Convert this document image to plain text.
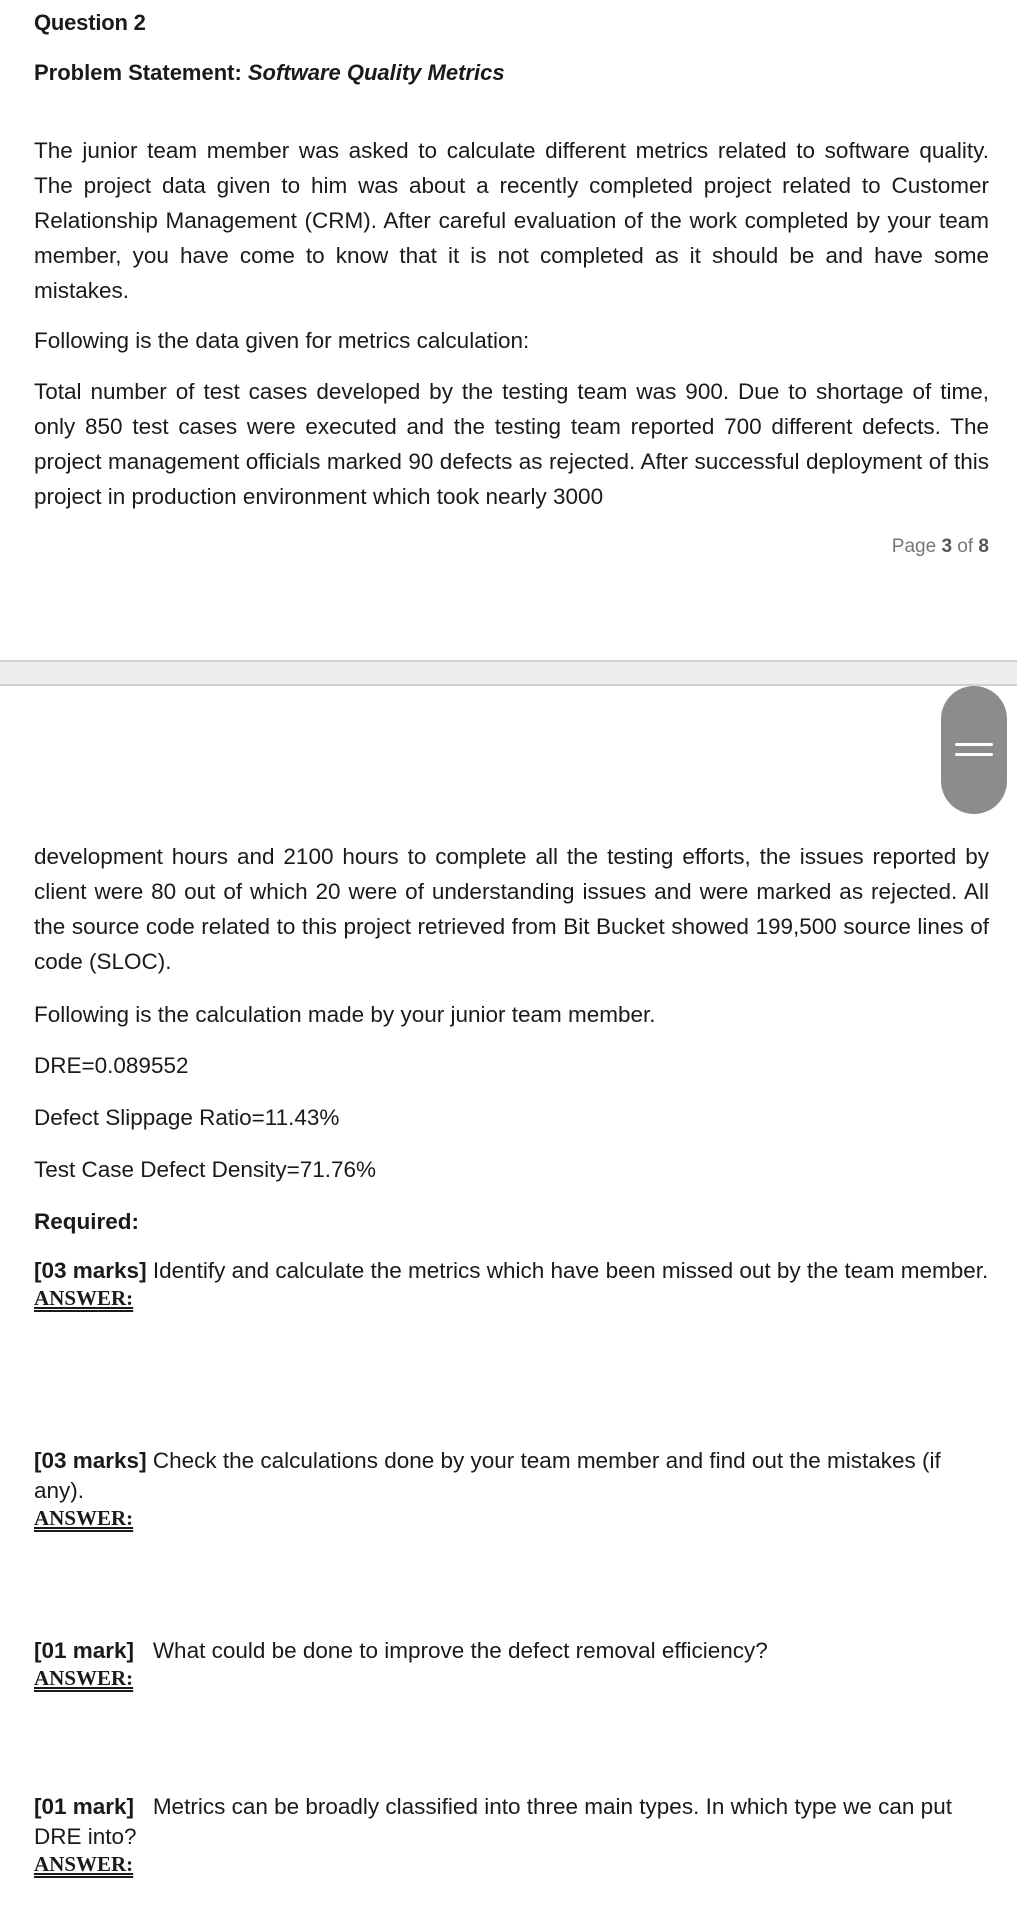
Question 2
Problem Statement: Software Quality Metrics

The junior team member was asked to calculate different metrics related to software quality. The project data given to him was about a recently completed project related to Customer Relationship Management (CRM). After careful evaluation of the work completed by your team member, you have come to know that it is not completed as it should be and have some mistakes.

Following is the data given for metrics calculation:

Total number of test cases developed by the testing team was 900. Due to shortage of time, only 850 test cases were executed and the testing team reported 700 different defects. The project management officials marked 90 defects as rejected. After successful deployment of this project in production environment which took nearly 3000

Page 3 of 8

development hours and 2100 hours to complete all the testing efforts, the issues reported by client were 80 out of which 20 were of understanding issues and were marked as rejected. All the source code related to this project retrieved from Bit Bucket showed 199,500 source lines of code (SLOC).

Following is the calculation made by your junior team member.

DRE=0.089552

Defect Slippage Ratio=11.43%

Test Case Defect Density=71.76%

Required:

[03 marks] Identify and calculate the metrics which have been missed out by the team member.

ANSWER:

[03 marks] Check the calculations done by your team member and find out the mistakes (if any).

ANSWER:

[01 mark]   What could be done to improve the defect removal efficiency?

ANSWER:

[01 mark]   Metrics can be broadly classified into three main types. In which type we can put DRE into?

ANSWER:
